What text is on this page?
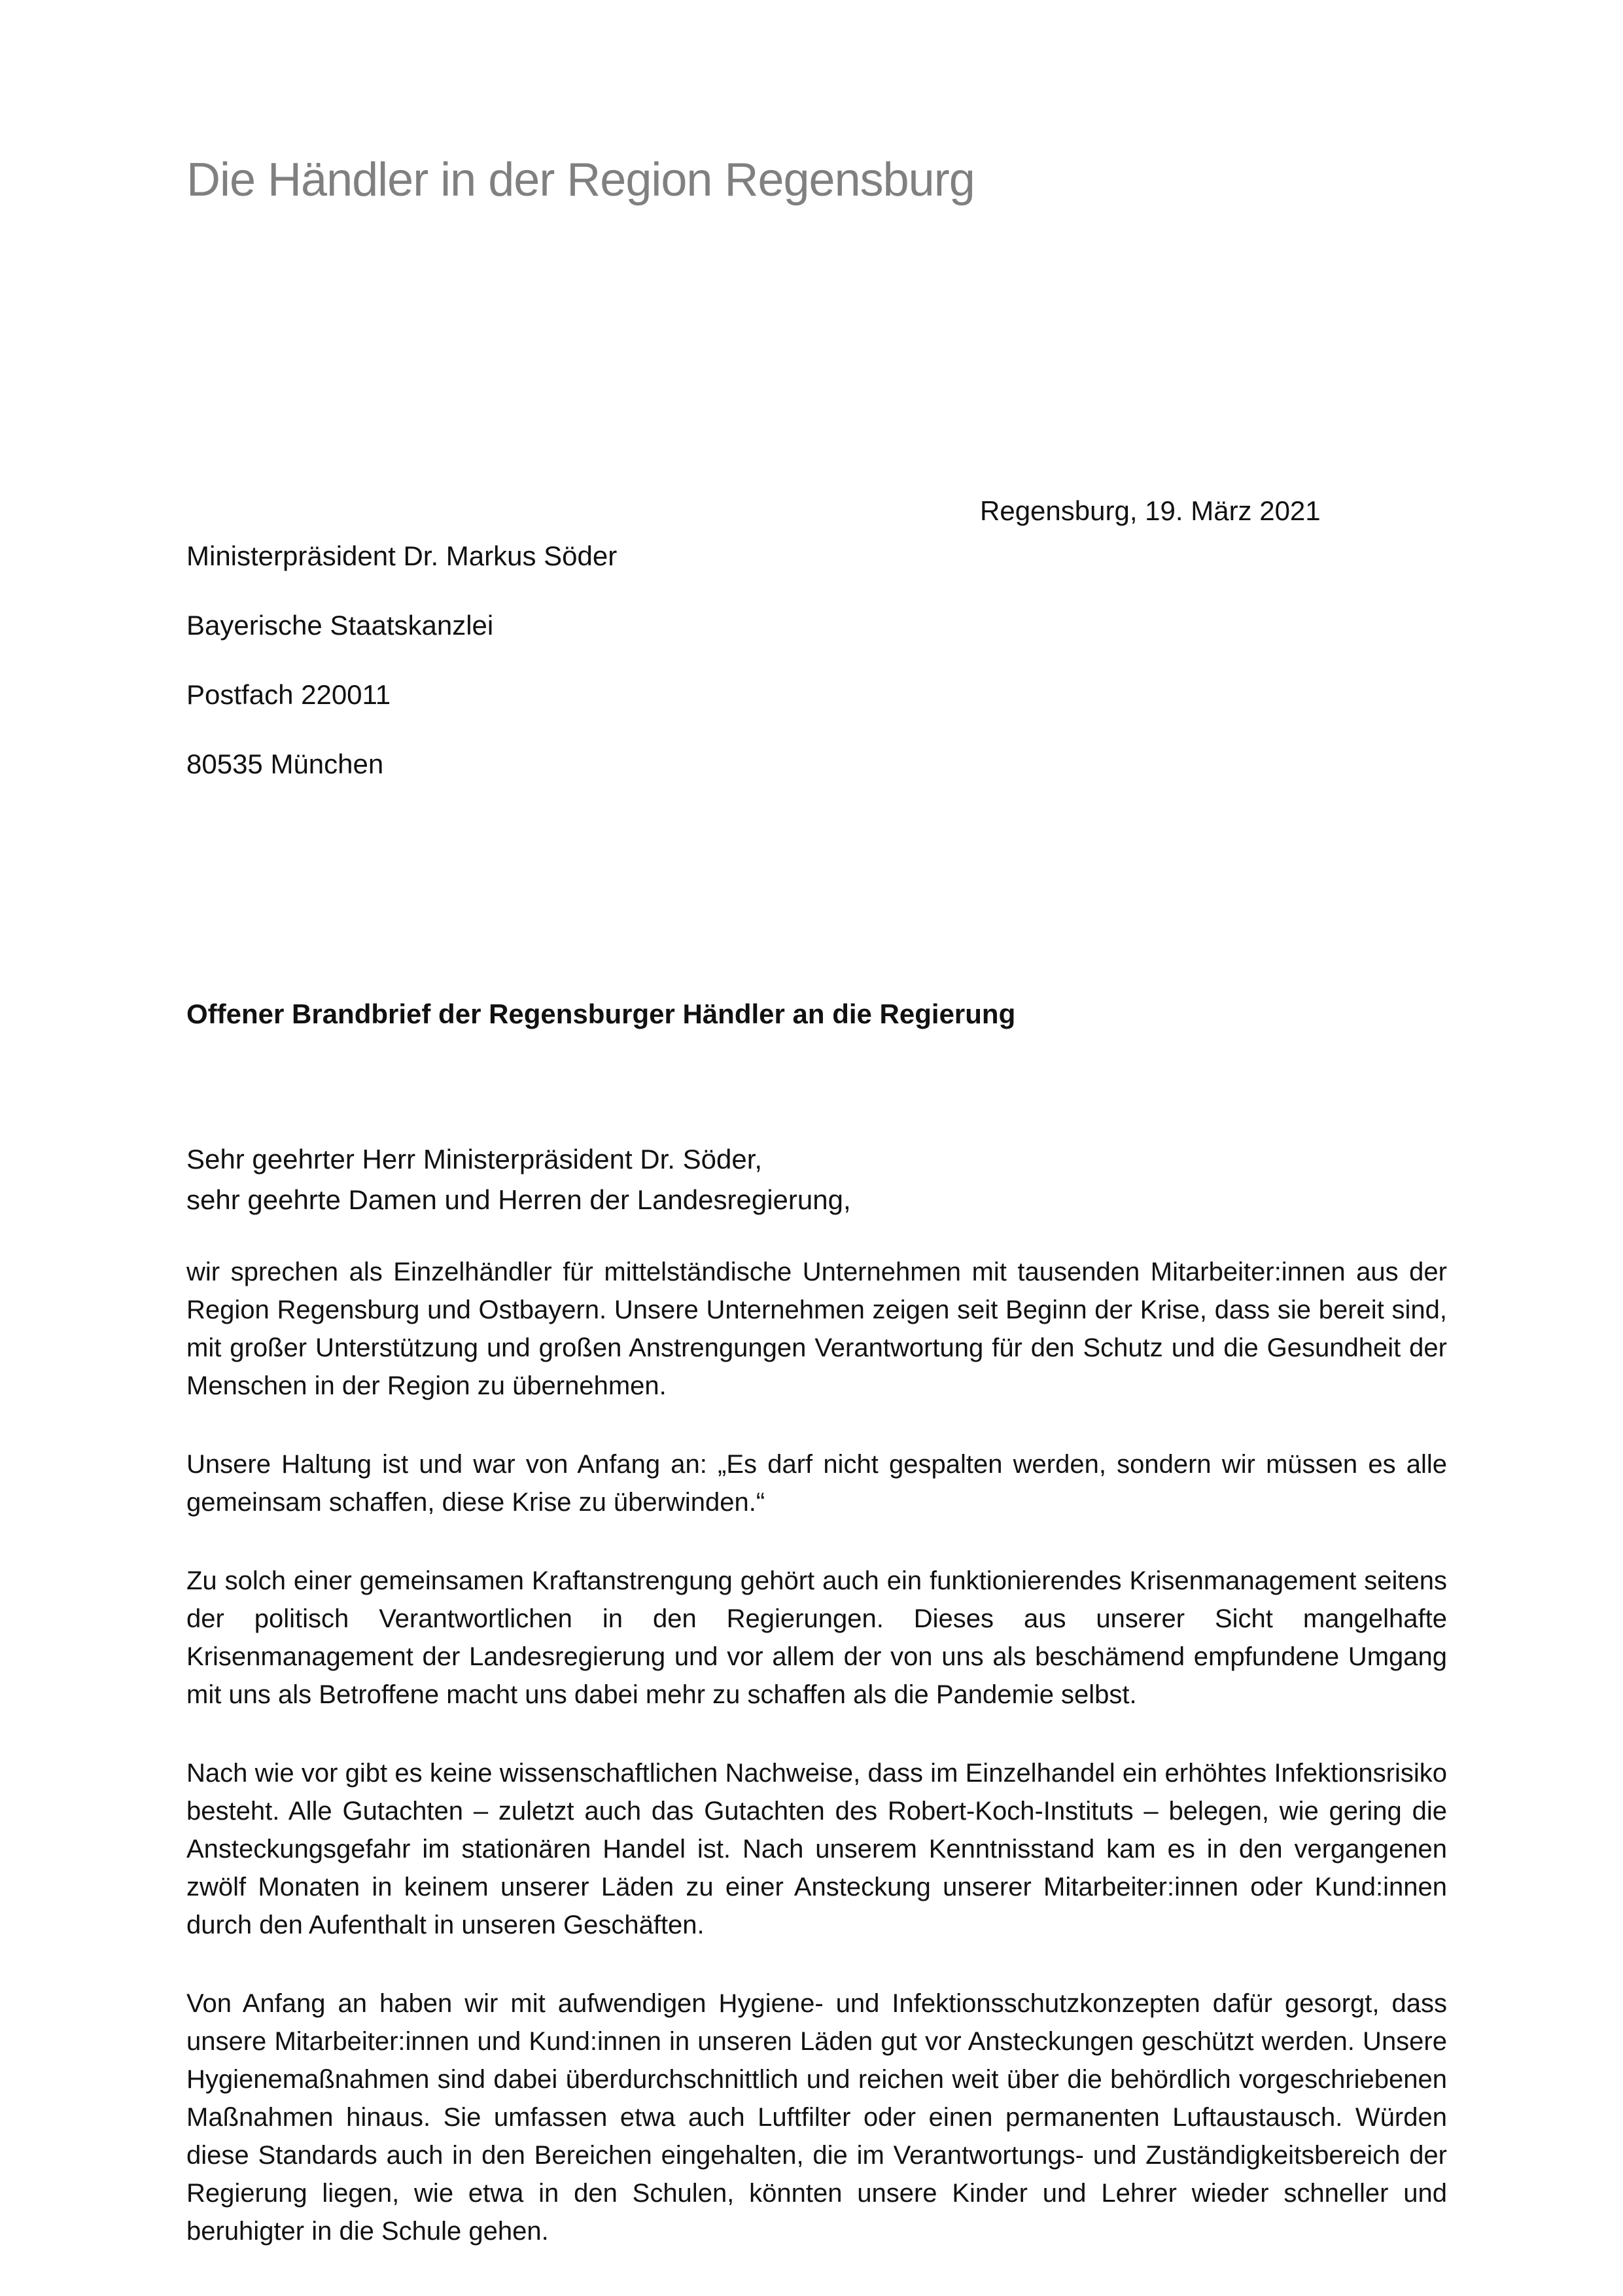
Die Händler in der Region Regensburg

Ministerpräsident Dr. Markus Söder

Bayerische Staatskanzlei

Postfach 220011

80535 München

Regensburg, 19. März 2021

Offener Brandbrief der Regensburger Händler an die Regierung

Sehr geehrter Herr Ministerpräsident Dr. Söder,
sehr geehrte Damen und Herren der Landesregierung,

wir sprechen als Einzelhändler für mittelständische Unternehmen mit tausenden Mitarbeiter:innen aus der Region Regensburg und Ostbayern. Unsere Unternehmen zeigen seit Beginn der Krise, dass sie bereit sind, mit großer Unterstützung und großen Anstrengungen Verantwortung für den Schutz und die Gesundheit der Menschen in der Region zu übernehmen.

Unsere Haltung ist und war von Anfang an: „Es darf nicht gespalten werden, sondern wir müssen es alle gemeinsam schaffen, diese Krise zu überwinden.“

Zu solch einer gemeinsamen Kraftanstrengung gehört auch ein funktionierendes Krisenmanagement seitens der politisch Verantwortlichen in den Regierungen. Dieses aus unserer Sicht mangelhafte Krisenmanagement der Landesregierung und vor allem der von uns als beschämend empfundene Umgang mit uns als Betroffene macht uns dabei mehr zu schaffen als die Pandemie selbst.

Nach wie vor gibt es keine wissenschaftlichen Nachweise, dass im Einzelhandel ein erhöhtes Infektionsrisiko besteht. Alle Gutachten – zuletzt auch das Gutachten des Robert-Koch-Instituts – belegen, wie gering die Ansteckungsgefahr im stationären Handel ist. Nach unserem Kenntnisstand kam es in den vergangenen zwölf Monaten in keinem unserer Läden zu einer Ansteckung unserer Mitarbeiter:innen oder Kund:innen durch den Aufenthalt in unseren Geschäften.

Von Anfang an haben wir mit aufwendigen Hygiene- und Infektionsschutzkonzepten dafür gesorgt, dass unsere Mitarbeiter:innen und Kund:innen in unseren Läden gut vor Ansteckungen geschützt werden. Unsere Hygienemaßnahmen sind dabei überdurchschnittlich und reichen weit über die behördlich vorgeschriebenen Maßnahmen hinaus. Sie umfassen etwa auch Luftfilter oder einen permanenten Luftaustausch. Würden diese Standards auch in den Bereichen eingehalten, die im Verantwortungs- und Zuständigkeitsbereich der Regierung liegen, wie etwa in den Schulen, könnten unsere Kinder und Lehrer wieder schneller und beruhigter in die Schule gehen.
